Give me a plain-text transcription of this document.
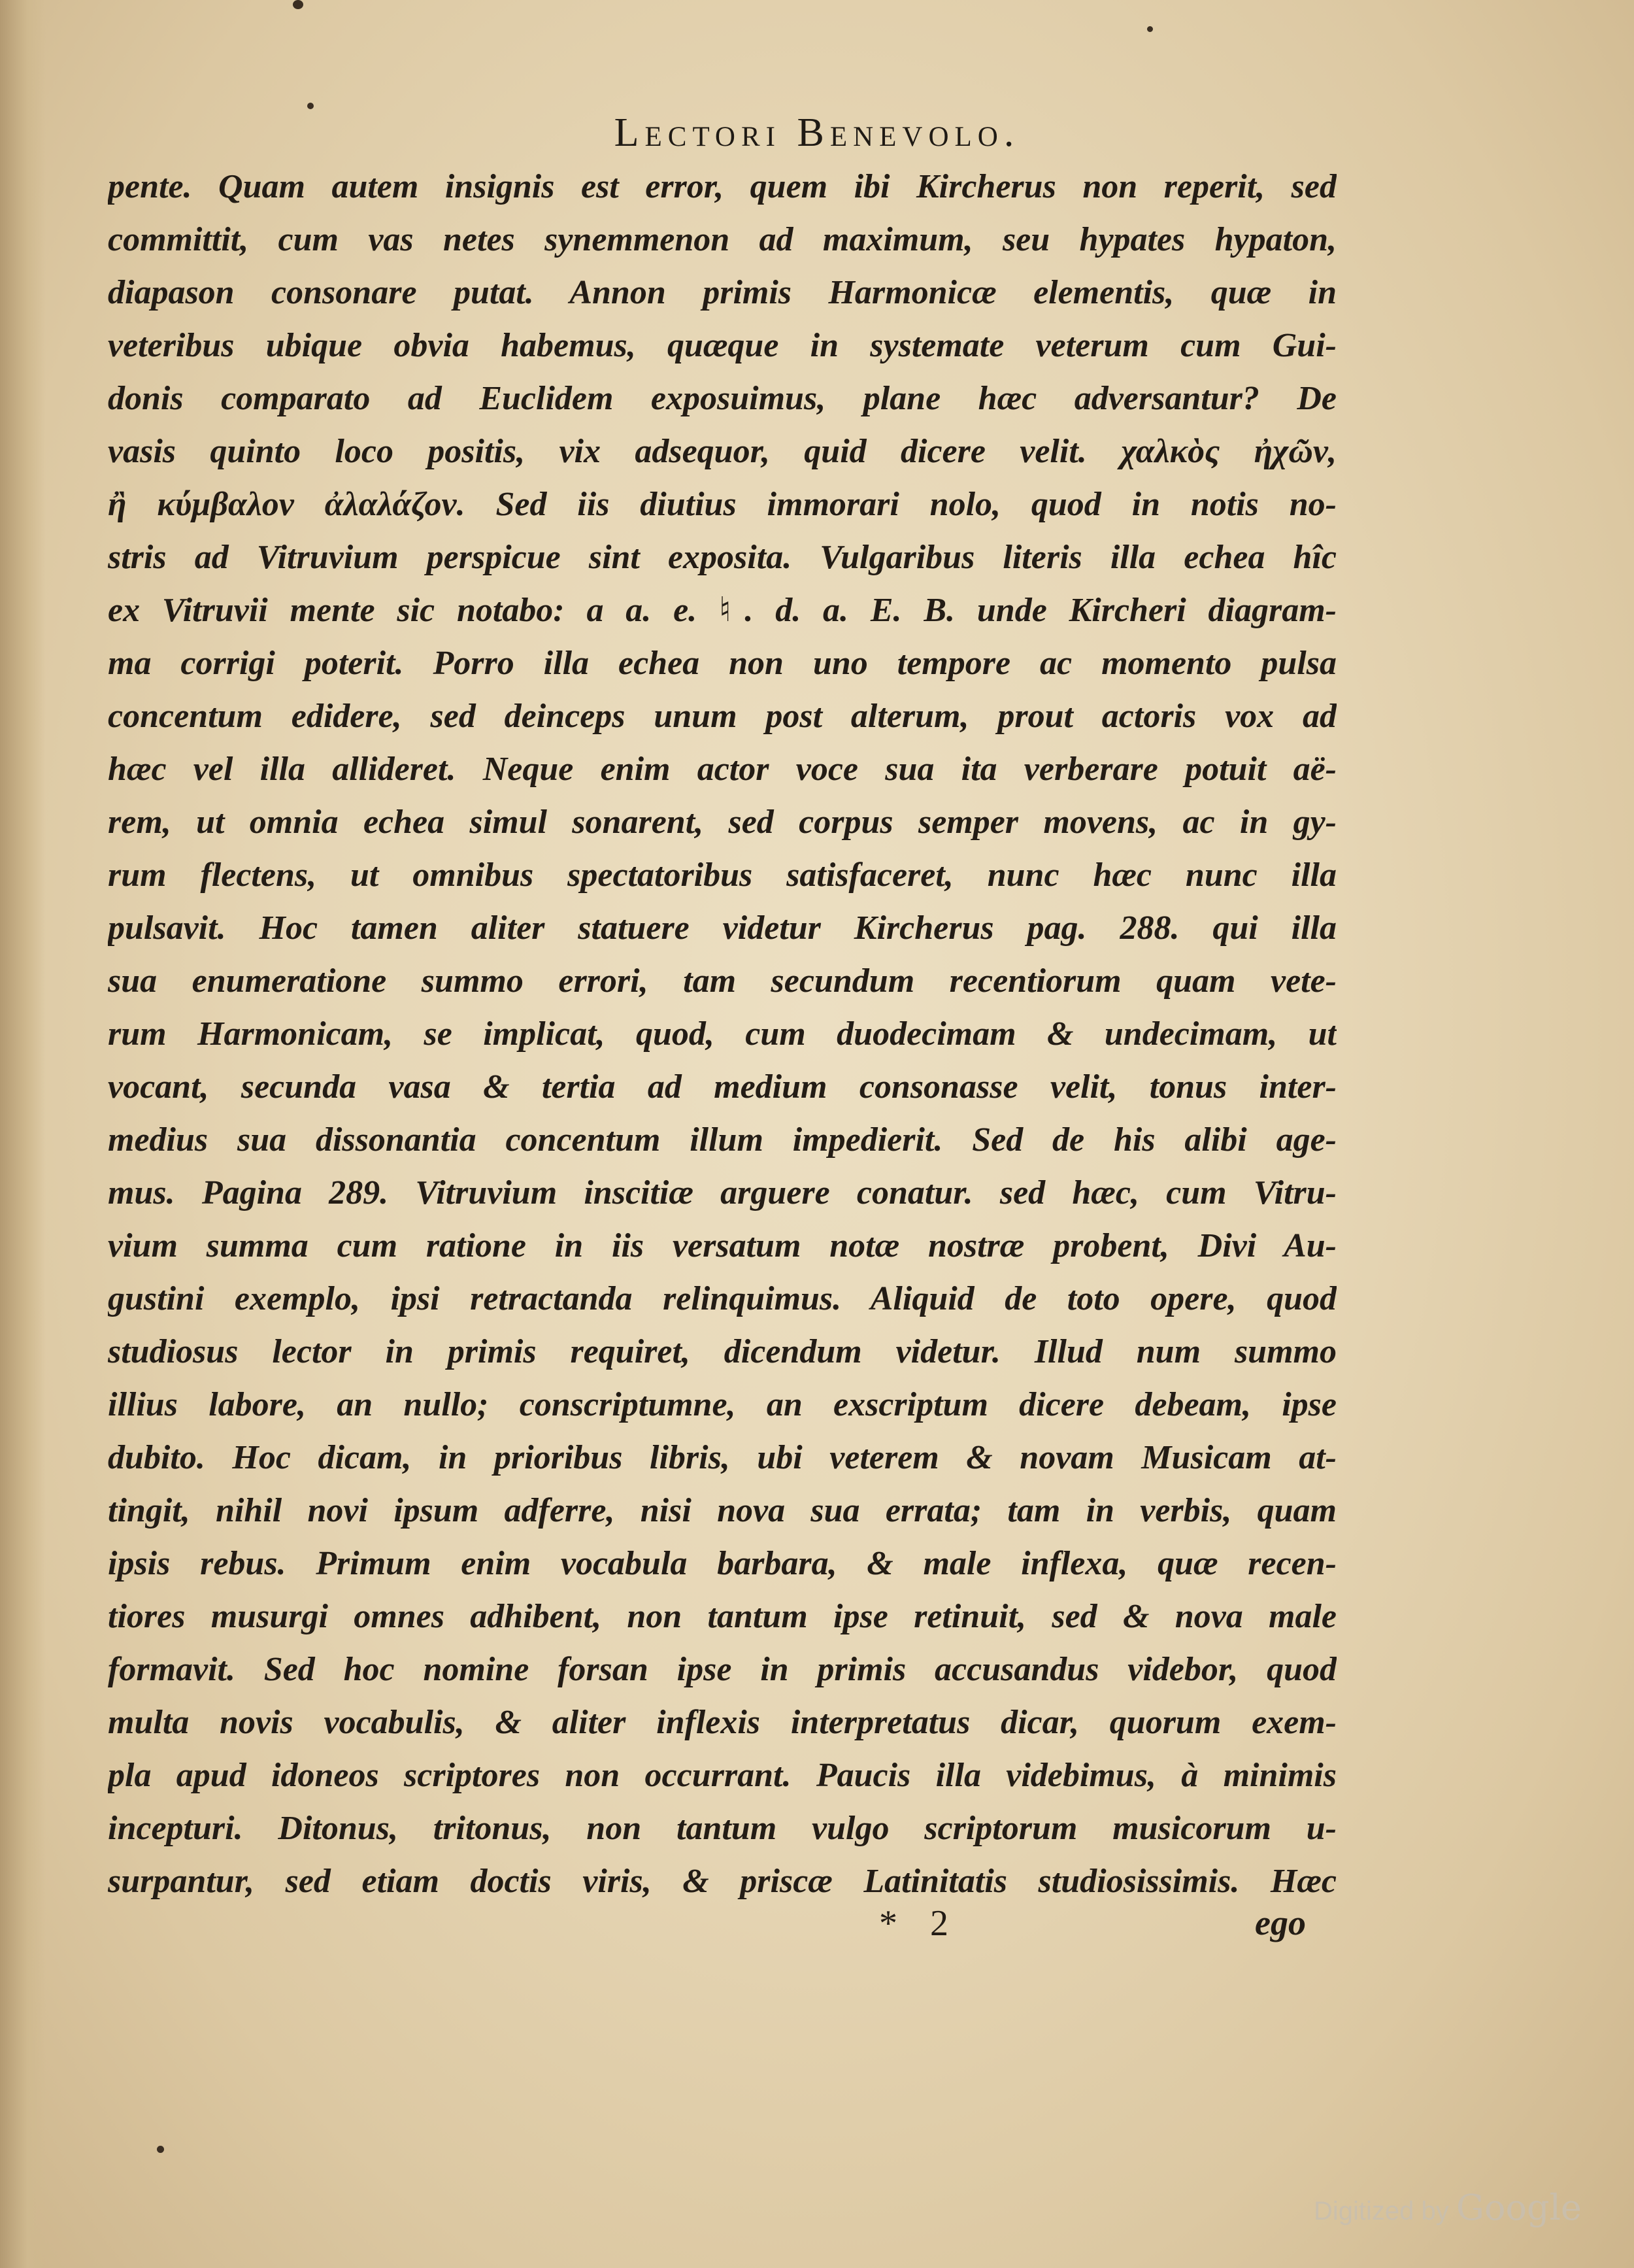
Lectori Benevolo.
pente. Quam autem insignis est error, quem ibi Kircherus non reperit, sed
committit, cum vas netes synemmenon ad maximum, seu hypates hypaton,
diapason consonare putat. Annon primis Harmonicæ elementis, quæ in
veteribus ubique obvia habemus, quæque in systemate veterum cum Gui-
donis comparato ad Euclidem exposuimus, plane hæc adversantur? De
vasis quinto loco positis, vix adsequor, quid dicere velit. χαλκὸς ἠχῶν,
ἢ κύμβαλον ἀλαλάζον. Sed iis diutius immorari nolo, quod in notis no-
stris ad Vitruvium perspicue sint exposita. Vulgaribus literis illa echea hîc
ex Vitruvii mente sic notabo: a a. e. ♮. d. a. E. B. unde Kircheri diagram-
ma corrigi poterit. Porro illa echea non uno tempore ac momento pulsa
concentum edidere, sed deinceps unum post alterum, prout actoris vox ad
hæc vel illa allideret. Neque enim actor voce sua ita verberare potuit aë-
rem, ut omnia echea simul sonarent, sed corpus semper movens, ac in gy-
rum flectens, ut omnibus spectatoribus satisfaceret, nunc hæc nunc illa
pulsavit. Hoc tamen aliter statuere videtur Kircherus pag. 288. qui illa
sua enumeratione summo errori, tam secundum recentiorum quam vete-
rum Harmonicam, se implicat, quod, cum duodecimam & undecimam, ut
vocant, secunda vasa & tertia ad medium consonasse velit, tonus inter-
medius sua dissonantia concentum illum impedierit. Sed de his alibi age-
mus. Pagina 289. Vitruvium inscitiæ arguere conatur. sed hæc, cum Vitru-
vium summa cum ratione in iis versatum notæ nostræ probent, Divi Au-
gustini exemplo, ipsi retractanda relinquimus. Aliquid de toto opere, quod
studiosus lector in primis requiret, dicendum videtur. Illud num summo
illius labore, an nullo; conscriptumne, an exscriptum dicere debeam, ipse
dubito. Hoc dicam, in prioribus libris, ubi veterem & novam Musicam at-
tingit, nihil novi ipsum adferre, nisi nova sua errata; tam in verbis, quam
ipsis rebus. Primum enim vocabula barbara, & male inflexa, quæ recen-
tiores musurgi omnes adhibent, non tantum ipse retinuit, sed & nova male
formavit. Sed hoc nomine forsan ipse in primis accusandus videbor, quod
multa novis vocabulis, & aliter inflexis interpretatus dicar, quorum exem-
pla apud idoneos scriptores non occurrant. Paucis illa videbimus, à minimis
incepturi. Ditonus, tritonus, non tantum vulgo scriptorum musicorum u-
surpantur, sed etiam doctis viris, & priscæ Latinitatis studiosissimis. Hæc
* 2	ego
Digitized by Google
